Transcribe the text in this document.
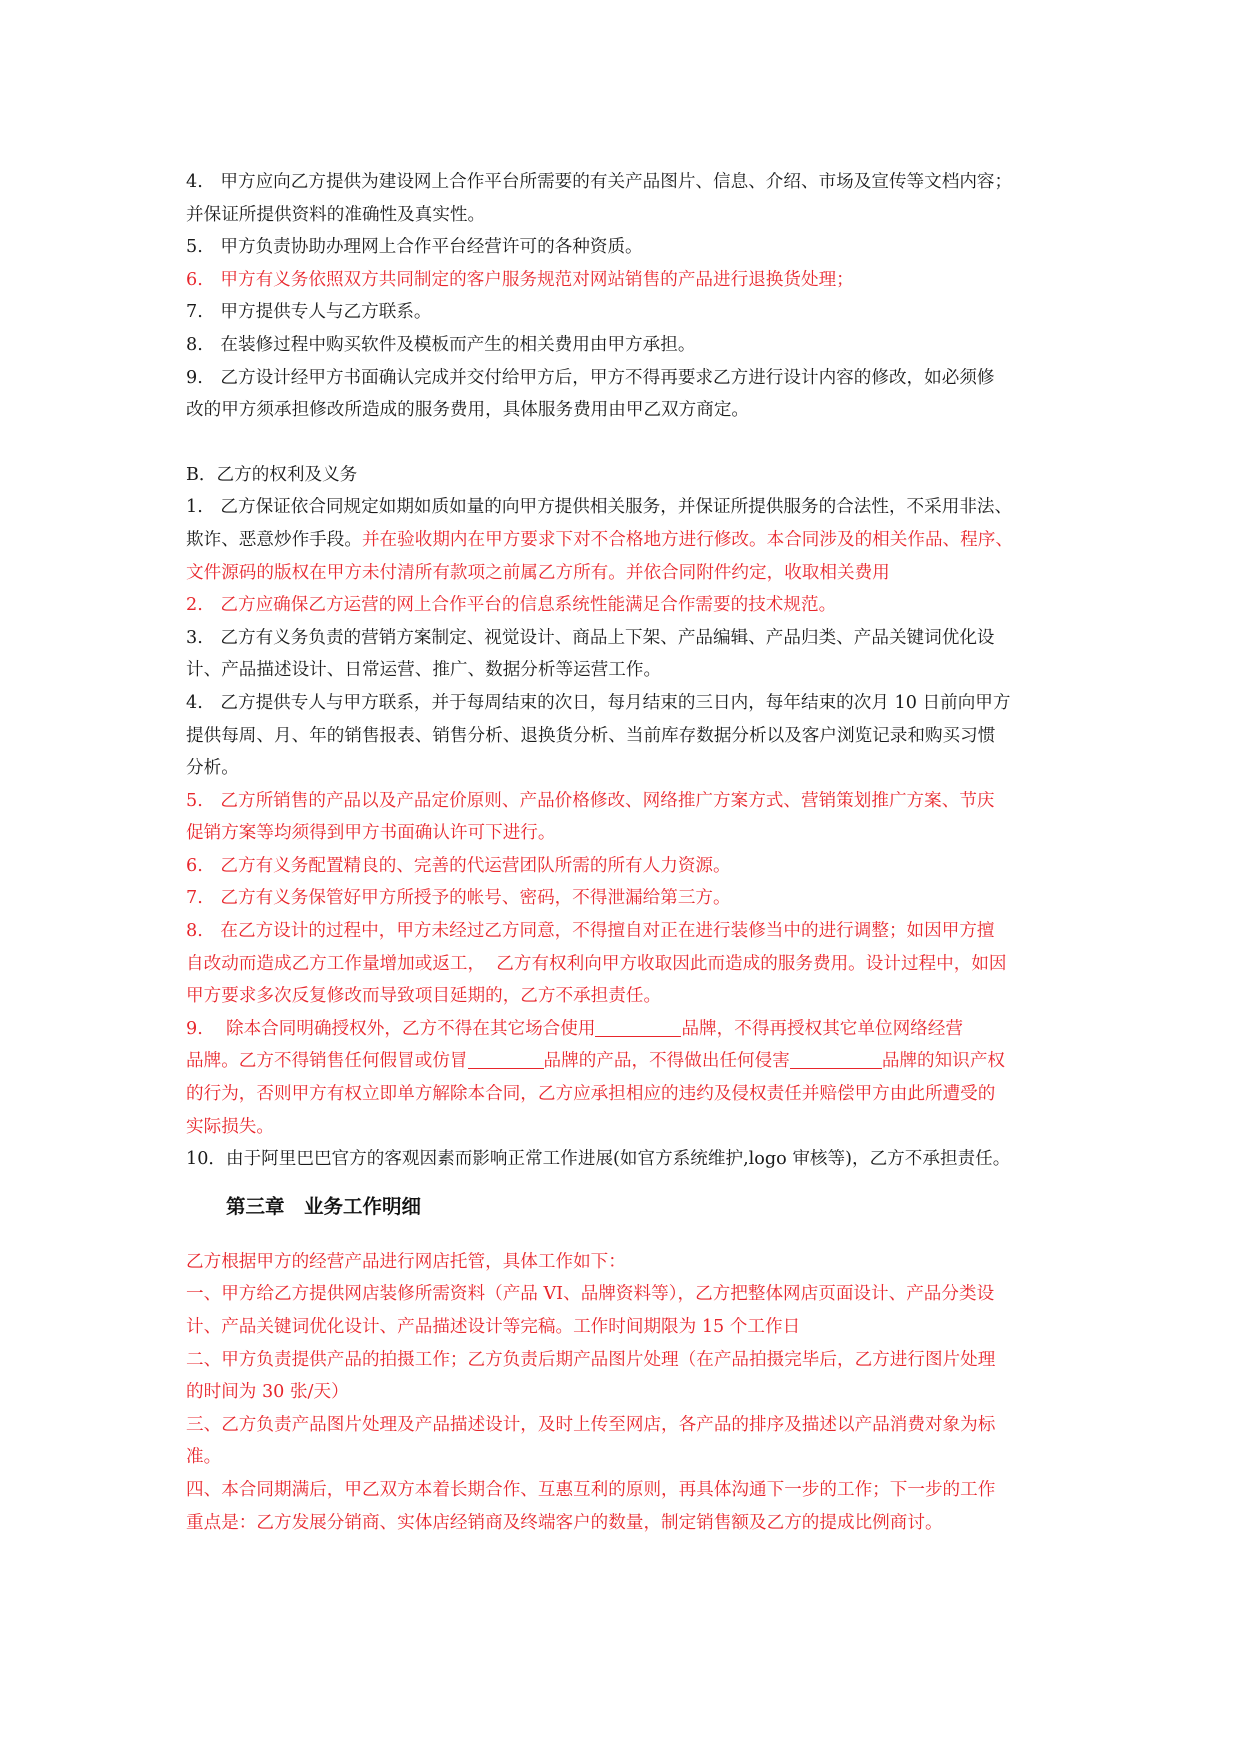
4.　甲方应向乙方提供为建设网上合作平台所需要的有关产品图片、信息、介绍、市场及宣传等文档内容；
并保证所提供资料的准确性及真实性。
5.　甲方负责协助办理网上合作平台经营许可的各种资质。
6.　甲方有义务依照双方共同制定的客户服务规范对网站销售的产品进行退换货处理；
7.　甲方提供专人与乙方联系。
8.　在装修过程中购买软件及模板而产生的相关费用由甲方承担。
9.　乙方设计经甲方书面确认完成并交付给甲方后，甲方不得再要求乙方进行设计内容的修改，如必须修
改的甲方须承担修改所造成的服务费用，具体服务费用由甲乙双方商定。
B．乙方的权利及义务
1.　乙方保证依合同规定如期如质如量的向甲方提供相关服务，并保证所提供服务的合法性，不采用非法、
欺诈、恶意炒作手段。并在验收期内在甲方要求下对不合格地方进行修改。本合同涉及的相关作品、程序、
文件源码的版权在甲方未付清所有款项之前属乙方所有。并依合同附件约定，收取相关费用
2.　乙方应确保乙方运营的网上合作平台的信息系统性能满足合作需要的技术规范。
3.　乙方有义务负责的营销方案制定、视觉设计、商品上下架、产品编辑、产品归类、产品关键词优化设
计、产品描述设计、日常运营、推广、数据分析等运营工作。
4.　乙方提供专人与甲方联系，并于每周结束的次日，每月结束的三日内，每年结束的次月 10 日前向甲方
提供每周、月、年的销售报表、销售分析、退换货分析、当前库存数据分析以及客户浏览记录和购买习惯
分析。
5.　乙方所销售的产品以及产品定价原则、产品价格修改、网络推广方案方式、营销策划推广方案、节庆
促销方案等均须得到甲方书面确认许可下进行。
6.　乙方有义务配置精良的、完善的代运营团队所需的所有人力资源。
7.　乙方有义务保管好甲方所授予的帐号、密码，不得泄漏给第三方。
8.　在乙方设计的过程中，甲方未经过乙方同意，不得擅自对正在进行装修当中的进行调整；如因甲方擅
自改动而造成乙方工作量增加或返工，  乙方有权利向甲方收取因此而造成的服务费用。设计过程中，如因
甲方要求多次反复修改而导致项目延期的，乙方不承担责任。
9.　 除本合同明确授权外，乙方不得在其它场合使用	品牌，不得再授权其它单位网络经营
品牌。乙方不得销售任何假冒或仿冒	品牌的产品，不得做出任何侵害	品牌的知识产权
的行为，否则甲方有权立即单方解除本合同，乙方应承担相应的违约及侵权责任并赔偿甲方由此所遭受的
实际损失。
10．由于阿里巴巴官方的客观因素而影响正常工作进展(如官方系统维护,logo 审核等)，乙方不承担责任。
第三章　业务工作明细
乙方根据甲方的经营产品进行网店托管，具体工作如下：
一、甲方给乙方提供网店装修所需资料（产品 VI、品牌资料等），乙方把整体网店页面设计、产品分类设
计、产品关键词优化设计、产品描述设计等完稿。工作时间期限为 15 个工作日
二、甲方负责提供产品的拍摄工作；乙方负责后期产品图片处理（在产品拍摄完毕后，乙方进行图片处理
的时间为 30 张/天）
三、乙方负责产品图片处理及产品描述设计，及时上传至网店，各产品的排序及描述以产品消费对象为标
准。
四、本合同期满后，甲乙双方本着长期合作、互惠互利的原则，再具体沟通下一步的工作；下一步的工作
重点是：乙方发展分销商、实体店经销商及终端客户的数量，制定销售额及乙方的提成比例商讨。
